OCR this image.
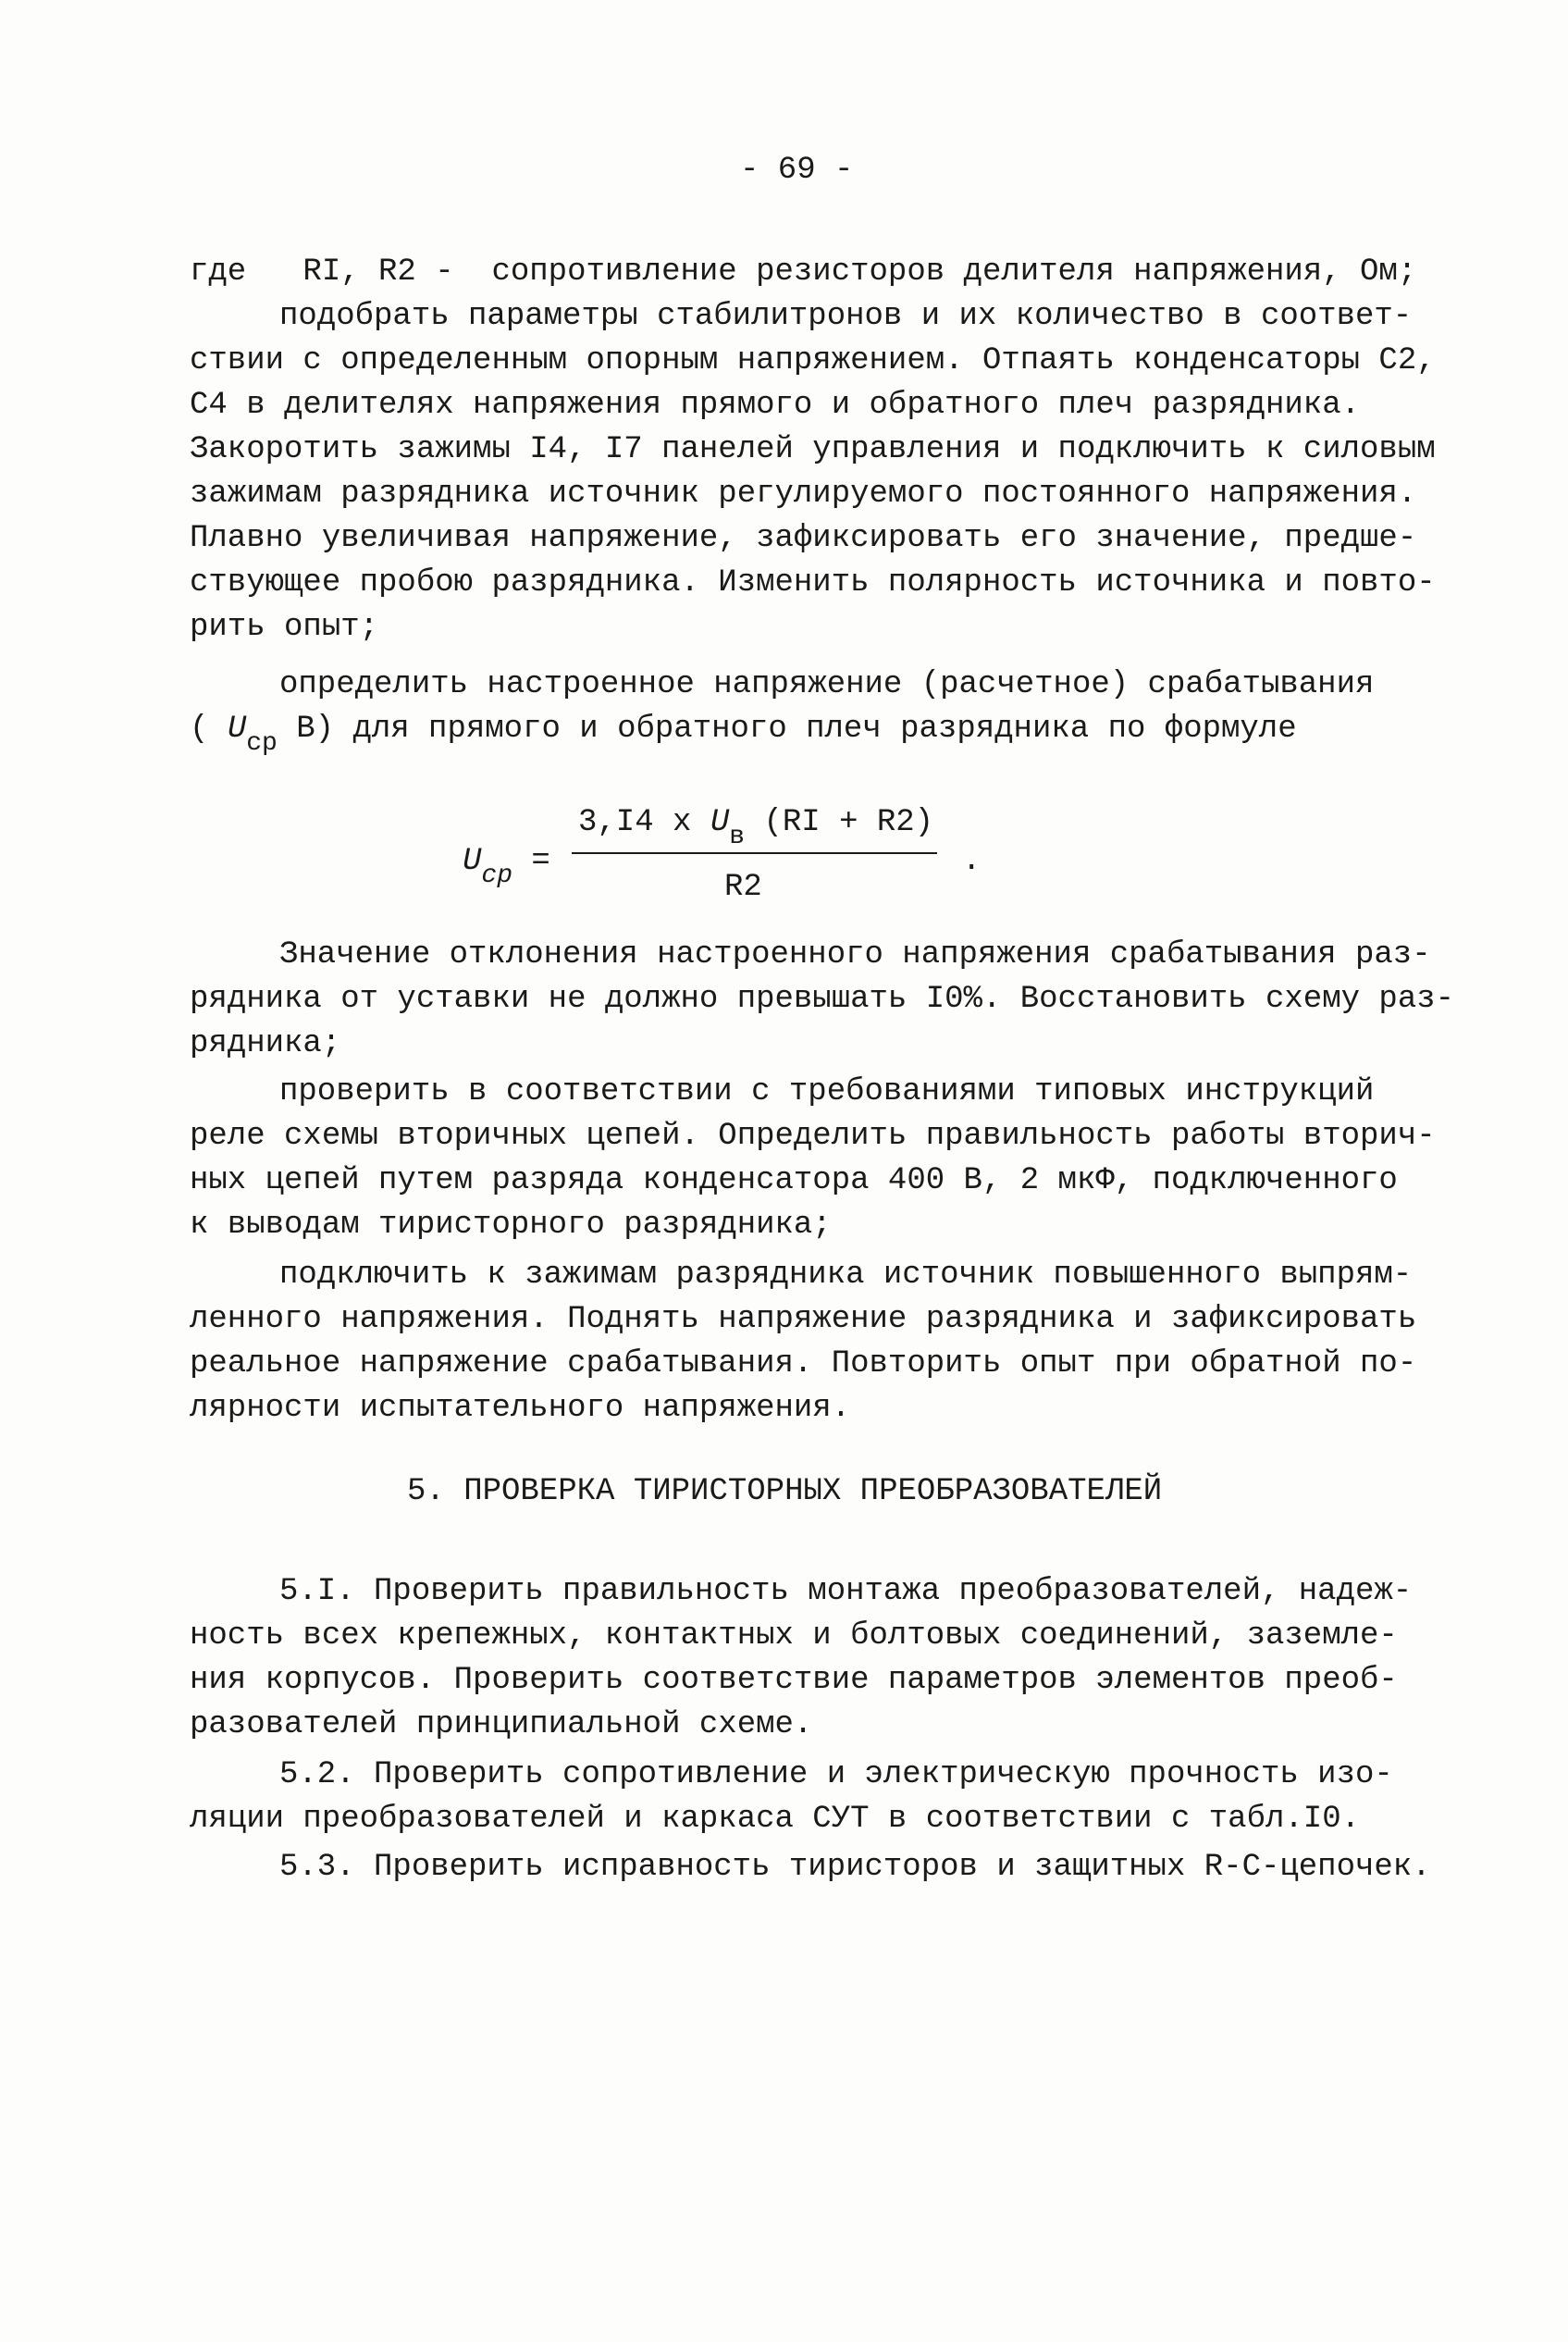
- 69 -
где   RI, R2 -  сопротивление резисторов делителя напряжения, Ом;
подобрать параметры стабилитронов и их количество в соответ-
ствии с определенным опорным напряжением. Отпаять конденсаторы С2,
С4 в делителях напряжения прямого и обратного плеч разрядника.
Закоротить зажимы I4, I7 панелей управления и подключить к силовым
зажимам разрядника источник регулируемого постоянного напряжения.
Плавно увеличивая напряжение, зафиксировать его значение, предше-
ствующее пробою разрядника. Изменить полярность источника и повто-
рить опыт;
определить настроенное напряжение (расчетное) срабатывания
( $U_{ср}$ В) для прямого и обратного плеч разрядника по формуле
$U_{ср}$ =
3,I4 x $U_в$ (RI + R2)
R2
.
Значение отклонения настроенного напряжения срабатывания раз-
рядника от уставки не должно превышать I0%. Восстановить схему раз-
рядника;
проверить в соответствии с требованиями типовых инструкций
реле схемы вторичных цепей. Определить правильность работы вторич-
ных цепей путем разряда конденсатора 400 В, 2 мкФ, подключенного
к выводам тиристорного разрядника;
подключить к зажимам разрядника источник повышенного выпрям-
ленного напряжения. Поднять напряжение разрядника и зафиксировать
реальное напряжение срабатывания. Повторить опыт при обратной по-
лярности испытательного напряжения.
5. ПРОВЕРКА ТИРИСТОРНЫХ ПРЕОБРАЗОВАТЕЛЕЙ
5.I. Проверить правильность монтажа преобразователей, надеж-
ность всех крепежных, контактных и болтовых соединений, заземле-
ния корпусов. Проверить соответствие параметров элементов преоб-
разователей принципиальной схеме.
5.2. Проверить сопротивление и электрическую прочность изо-
ляции преобразователей и каркаса СУТ в соответствии с табл.I0.
5.3. Проверить исправность тиристоров и защитных R-C-цепочек.
